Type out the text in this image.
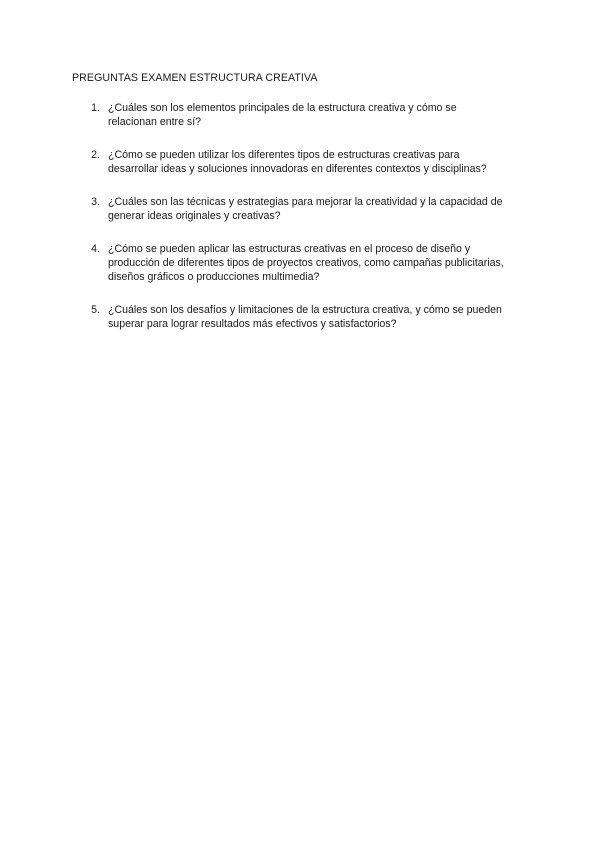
PREGUNTAS EXAMEN ESTRUCTURA CREATIVA
1. ¿Cuáles son los elementos principales de la estructura creativa y cómo se
relacionan entre sí?
2. ¿Cómo se pueden utilizar los diferentes tipos de estructuras creativas para
desarrollar ideas y soluciones innovadoras en diferentes contextos y disciplinas?
3. ¿Cuáles son las técnicas y estrategias para mejorar la creatividad y la capacidad de
generar ideas originales y creativas?
4. ¿Cómo se pueden aplicar las estructuras creativas en el proceso de diseño y
producción de diferentes tipos de proyectos creativos, como campañas publicitarias,
diseños gráficos o producciones multimedia?
5. ¿Cuáles son los desafíos y limitaciones de la estructura creativa, y cómo se pueden
superar para lograr resultados más efectivos y satisfactorios?
